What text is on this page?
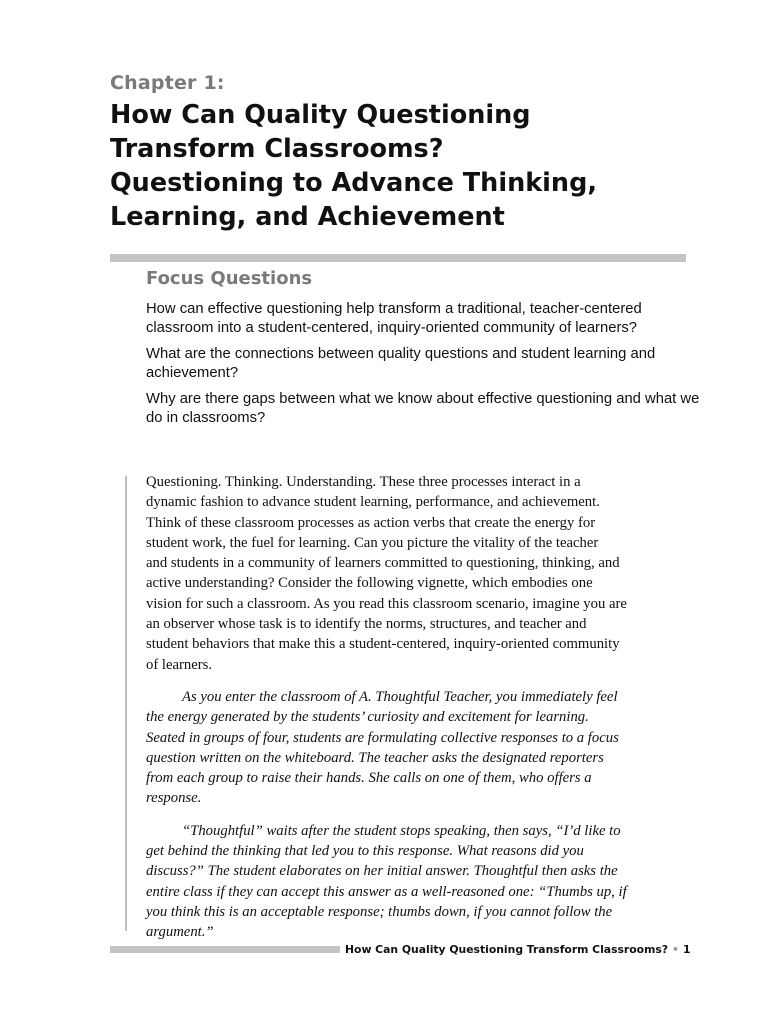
Chapter 1:
How Can Quality Questioning
Transform Classrooms?
Questioning to Advance Thinking,
Learning, and Achievement
Focus Questions
How can effective questioning help transform a traditional, teacher-centered classroom into a student-centered, inquiry-oriented community of learners?
What are the connections between quality questions and student learning and achievement?
Why are there gaps between what we know about effective questioning and what we do in classrooms?

Questioning. Thinking. Understanding. These three processes interact in a
dynamic fashion to advance student learning, performance, and achievement.
Think of these classroom processes as action verbs that create the energy for
student work, the fuel for learning. Can you picture the vitality of the teacher
and students in a community of learners committed to questioning, thinking, and
active understanding? Consider the following vignette, which embodies one
vision for such a classroom. As you read this classroom scenario, imagine you are
an observer whose task is to identify the norms, structures, and teacher and
student behaviors that make this a student-centered, inquiry-oriented community
of learners.

As you enter the classroom of A. Thoughtful Teacher, you immediately feel
the energy generated by the students’ curiosity and excitement for learning.
Seated in groups of four, students are formulating collective responses to a focus
question written on the whiteboard. The teacher asks the designated reporters
from each group to raise their hands. She calls on one of them, who offers a
response.

“Thoughtful” waits after the student stops speaking, then says, “I’d like to
get behind the thinking that led you to this response. What reasons did you
discuss?” The student elaborates on her initial answer. Thoughtful then asks the
entire class if they can accept this answer as a well-reasoned one: “Thumbs up, if
you think this is an acceptable response; thumbs down, if you cannot follow the
argument.”

How Can Quality Questioning Transform Classrooms? • 1
